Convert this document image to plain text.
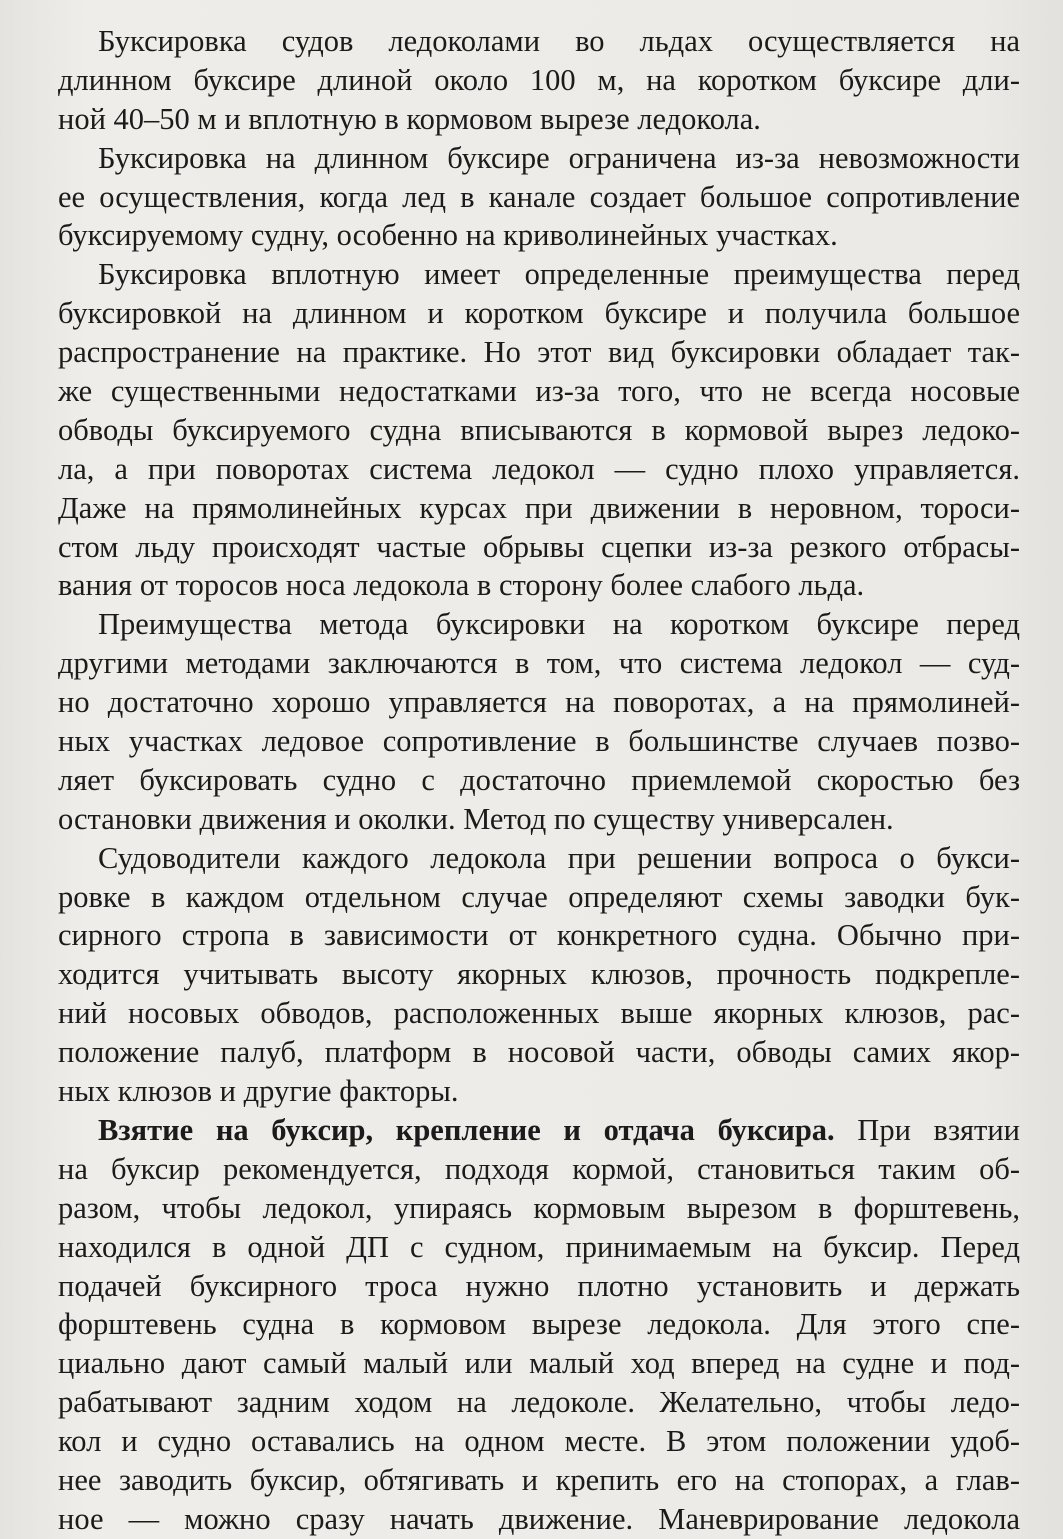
Буксировка судов ледоколами во льдах осуществляется на
длинном буксире длиной около 100 м, на коротком буксире дли-
ной 40–50 м и вплотную в кормовом вырезе ледокола.
Буксировка на длинном буксире ограничена из-за невозможности
ее осуществления, когда лед в канале создает большое сопротивление
буксируемому судну, особенно на криволинейных участках.
Буксировка вплотную имеет определенные преимущества перед
буксировкой на длинном и коротком буксире и получила большое
распространение на практике. Но этот вид буксировки обладает так-
же существенными недостатками из-за того, что не всегда носовые
обводы буксируемого судна вписываются в кормовой вырез ледоко-
ла, а при поворотах система ледокол — судно плохо управляется.
Даже на прямолинейных курсах при движении в неровном, тороси-
стом льду происходят частые обрывы сцепки из-за резкого отбрасы-
вания от торосов носа ледокола в сторону более слабого льда.
Преимущества метода буксировки на коротком буксире перед
другими методами заключаются в том, что система ледокол — суд-
но достаточно хорошо управляется на поворотах, а на прямолиней-
ных участках ледовое сопротивление в большинстве случаев позво-
ляет буксировать судно с достаточно приемлемой скоростью без
остановки движения и околки. Метод по существу универсален.
Судоводители каждого ледокола при решении вопроса о букси-
ровке в каждом отдельном случае определяют схемы заводки бук-
сирного стропа в зависимости от конкретного судна. Обычно при-
ходится учитывать высоту якорных клюзов, прочность подкрепле-
ний носовых обводов, расположенных выше якорных клюзов, рас-
положение палуб, платформ в носовой части, обводы самих якор-
ных клюзов и другие факторы.
Взятие на буксир, крепление и отдача буксира. При взятии
на буксир рекомендуется, подходя кормой, становиться таким об-
разом, чтобы ледокол, упираясь кормовым вырезом в форштевень,
находился в одной ДП с судном, принимаемым на буксир. Перед
подачей буксирного троса нужно плотно установить и держать
форштевень судна в кормовом вырезе ледокола. Для этого спе-
циально дают самый малый или малый ход вперед на судне и под-
рабатывают задним ходом на ледоколе. Желательно, чтобы ледо-
кол и судно оставались на одном месте. В этом положении удоб-
нее заводить буксир, обтягивать и крепить его на стопорах, а глав-
ное — можно сразу начать движение. Маневрирование ледокола
